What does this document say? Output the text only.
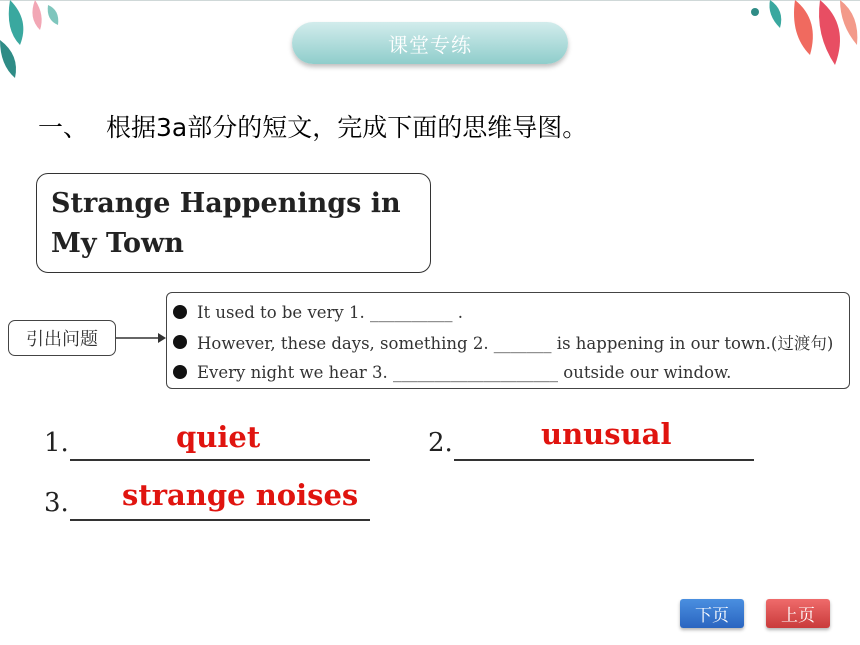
课堂专练
一、 根据3a部分的短文，完成下面的思维导图。
Strange Happenings in
My Town
引出问题
It used to be very 1. __________ .
However, these days, something 2. _______ is happening in our town.(过渡句)
Every night we hear 3. ____________________ outside our window.
1.	quiet	2.	unusual
3. strange noises
下页	上页
